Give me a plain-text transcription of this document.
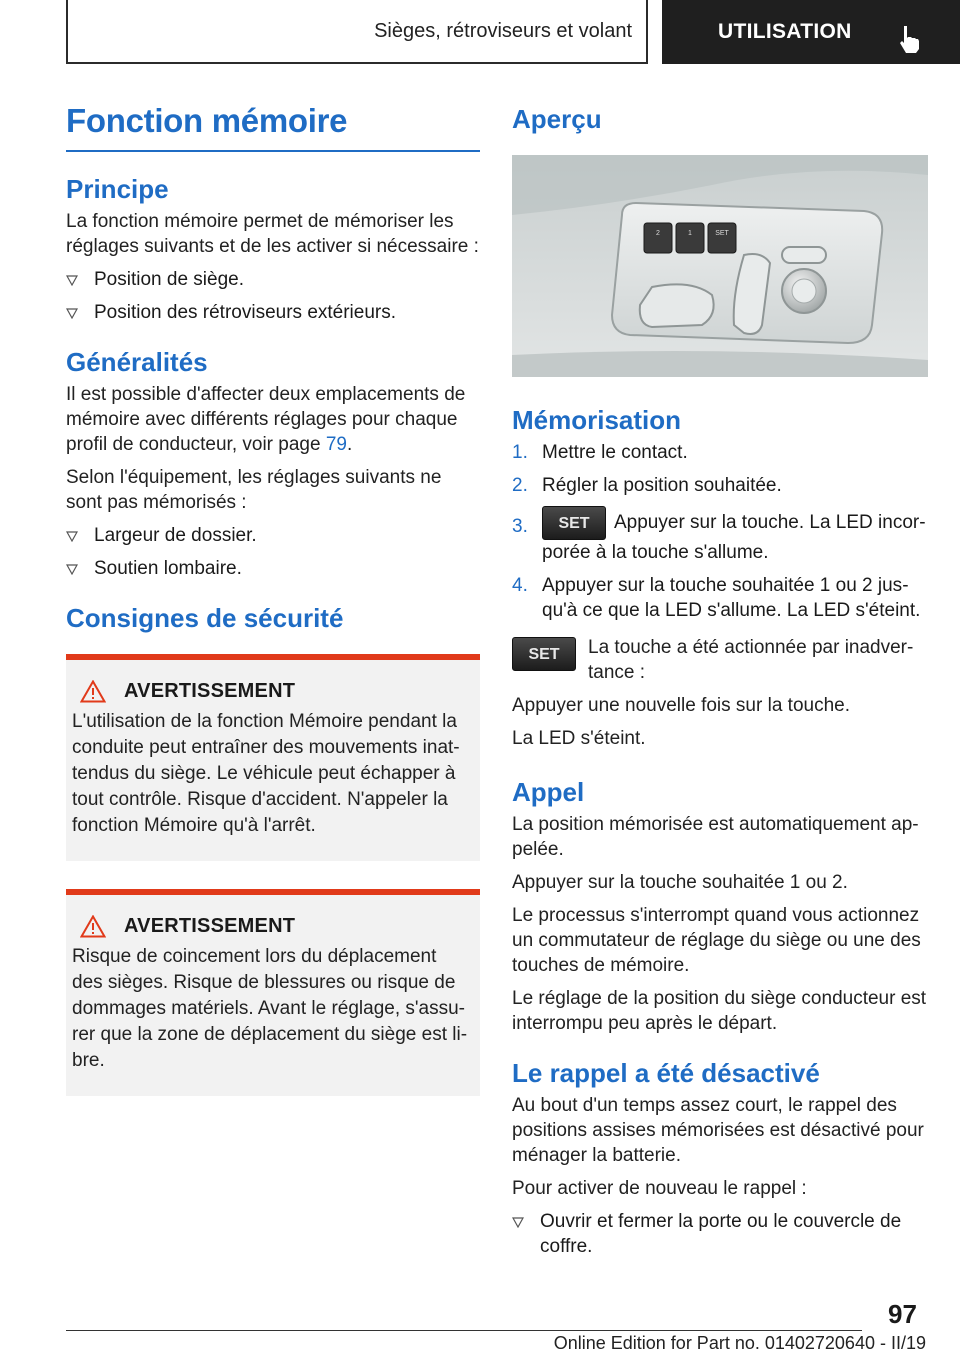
Sièges, rétroviseurs et volant	UTILISATION
Fonction mémoire
Principe

La fonction mémoire permet de mémoriser les réglages suivants et de les activer si nécessaire :

Position de siège.
Position des rétroviseurs extérieurs.
Généralités

Il est possible d'affecter deux emplacements de mémoire avec différents réglages pour chaque profil de conducteur, voir page 79.

Selon l'équipement, les réglages suivants ne sont pas mémorisés :

Largeur de dossier.
Soutien lombaire.
Consignes de sécurité
AVERTISSEMENT

L'utilisation de la fonction Mémoire pendant la conduite peut entraîner des mouvements inattendus du siège. Le véhicule peut échapper à tout contrôle. Risque d'accident. N'appeler la fonction Mémoire qu'à l'arrêt.

AVERTISSEMENT

Risque de coincement lors du déplacement des sièges. Risque de blessures ou risque de dommages matériels. Avant le réglage, s'assurer que la zone de déplacement du siège est libre.

Aperçu
2	1	SET
Mémorisation
1. Mettre le contact.
2. Régler la position souhaitée.
3. SET Appuyer sur la touche. La LED incorporée à la touche s'allume.
4. Appuyer sur la touche souhaitée 1 ou 2 jusqu'à ce que la LED s'allume. La LED s'éteint.
SET	La touche a été actionnée par inadvertance :

Appuyer une nouvelle fois sur la touche.

La LED s'éteint.

Appel

La position mémorisée est automatiquement appelée.

Appuyer sur la touche souhaitée 1 ou 2.

Le processus s'interrompt quand vous actionnez un commutateur de réglage du siège ou une des touches de mémoire.

Le réglage de la position du siège conducteur est interrompu peu après le départ.

Le rappel a été désactivé

Au bout d'un temps assez court, le rappel des positions assises mémorisées est désactivé pour ménager la batterie.

Pour activer de nouveau le rappel :

Ouvrir et fermer la porte ou le couvercle de coffre.
97
Online Edition for Part no. 01402720640 - II/19
